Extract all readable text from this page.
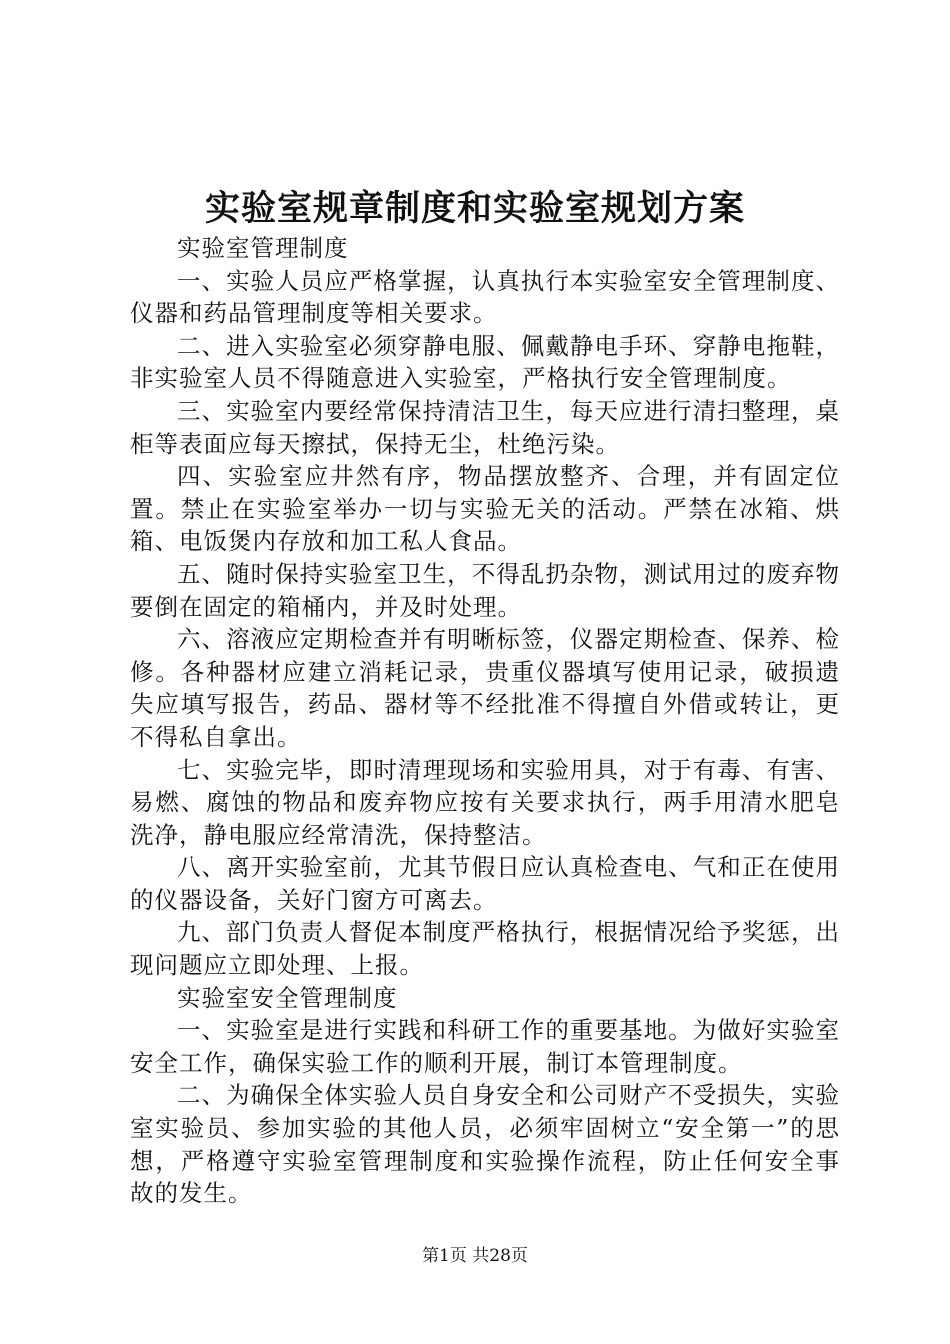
实验室规章制度和实验室规划方案

实验室管理制度

一、实验人员应严格掌握，认真执行本实验室安全管理制度、仪器和药品管理制度等相关要求。

二、进入实验室必须穿静电服、佩戴静电手环、穿静电拖鞋，非实验室人员不得随意进入实验室，严格执行安全管理制度。

三、实验室内要经常保持清洁卫生，每天应进行清扫整理，桌柜等表面应每天擦拭，保持无尘，杜绝污染。

四、实验室应井然有序，物品摆放整齐、合理，并有固定位置。禁止在实验室举办一切与实验无关的活动。严禁在冰箱、烘箱、电饭煲内存放和加工私人食品。

五、随时保持实验室卫生，不得乱扔杂物，测试用过的废弃物要倒在固定的箱桶内，并及时处理。

六、溶液应定期检查并有明晰标签，仪器定期检查、保养、检修。各种器材应建立消耗记录，贵重仪器填写使用记录，破损遗失应填写报告，药品、器材等不经批准不得擅自外借或转让，更不得私自拿出。

七、实验完毕，即时清理现场和实验用具，对于有毒、有害、易燃、腐蚀的物品和废弃物应按有关要求执行，两手用清水肥皂洗净，静电服应经常清洗，保持整洁。

八、离开实验室前，尤其节假日应认真检查电、气和正在使用的仪器设备，关好门窗方可离去。

九、部门负责人督促本制度严格执行，根据情况给予奖惩，出现问题应立即处理、上报。

实验室安全管理制度

一、实验室是进行实践和科研工作的重要基地。为做好实验室安全工作，确保实验工作的顺利开展，制订本管理制度。

二、为确保全体实验人员自身安全和公司财产不受损失，实验室实验员、参加实验的其他人员，必须牢固树立“安全第一”的思想，严格遵守实验室管理制度和实验操作流程，防止任何安全事故的发生。

第1页 共28页
